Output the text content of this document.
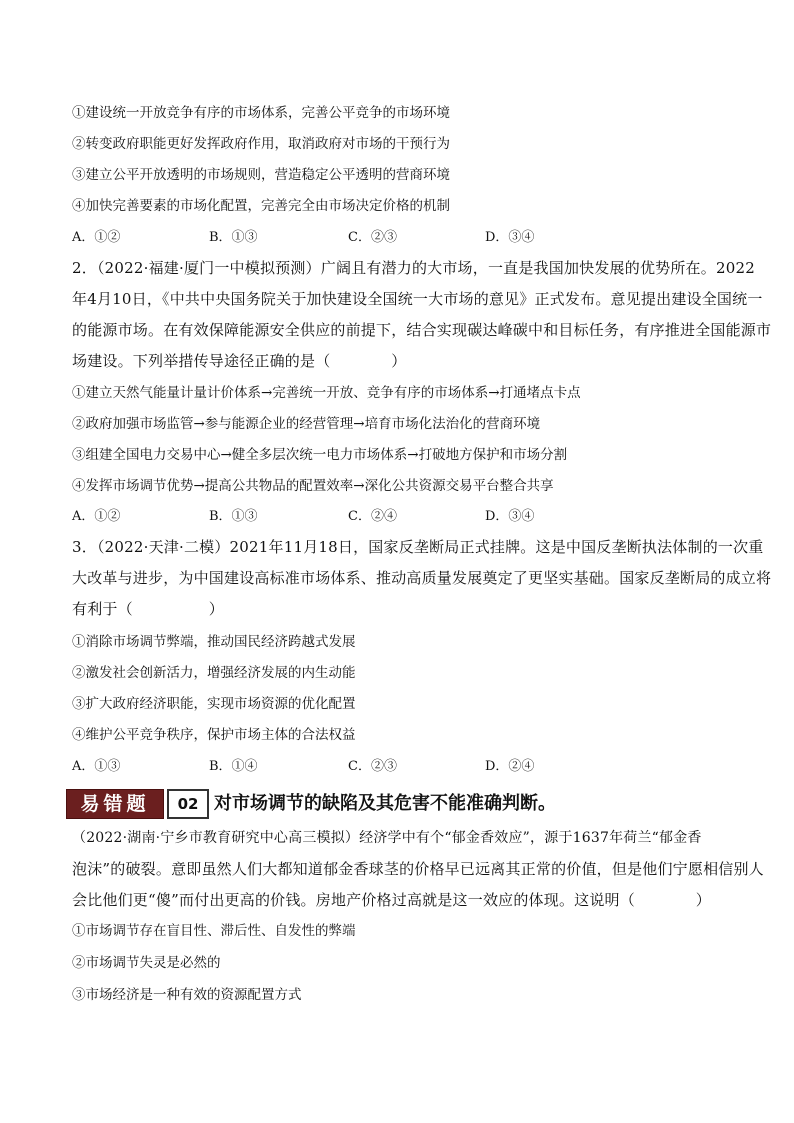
①建设统一开放竞争有序的市场体系，完善公平竞争的市场环境
②转变政府职能更好发挥政府作用，取消政府对市场的干预行为
③建立公平开放透明的市场规则，营造稳定公平透明的营商环境
④加快完善要素的市场化配置，完善完全由市场决定价格的机制
A．①②	B．①③	C．②③	D．③④
2．（2022·福建·厦门一中模拟预测）广阔且有潜力的大市场，一直是我国加快发展的优势所在。2022
年4月10日，《中共中央国务院关于加快建设全国统一大市场的意见》正式发布。意见提出建设全国统一
的能源市场。在有效保障能源安全供应的前提下，结合实现碳达峰碳中和目标任务，有序推进全国能源市
场建设。下列举措传导途径正确的是（　　　　）
①建立天然气能量计量计价体系→完善统一开放、竞争有序的市场体系→打通堵点卡点
②政府加强市场监管→参与能源企业的经营管理→培育市场化法治化的营商环境
③组建全国电力交易中心→健全多层次统一电力市场体系→打破地方保护和市场分割
④发挥市场调节优势→提高公共物品的配置效率→深化公共资源交易平台整合共享
A．①②	B．①③	C．②④	D．③④
3．（2022·天津·二模）2021年11月18日，国家反垄断局正式挂牌。这是中国反垄断执法体制的一次重
大改革与进步，为中国建设高标准市场体系、推动高质量发展奠定了更坚实基础。国家反垄断局的成立将
有利于（　　　　　）
①消除市场调节弊端，推动国民经济跨越式发展
②激发社会创新活力，增强经济发展的内生动能
③扩大政府经济职能，实现市场资源的优化配置
④维护公平竞争秩序，保护市场主体的合法权益
A．①③	B．①④	C．②③	D．②④
易错题	02 对市场调节的缺陷及其危害不能准确判断。
（2022·湖南·宁乡市教育研究中心高三模拟）经济学中有个“郁金香效应”，源于1637年荷兰“郁金香
泡沫”的破裂。意即虽然人们大都知道郁金香球茎的价格早已远离其正常的价值，但是他们宁愿相信别人
①市场调节存在盲目性、滞后性、自发性的弊端
②市场调节失灵是必然的
③市场经济是一种有效的资源配置方式
会比他们更“傻”而付出更高的价钱。房地产价格过高就是这一效应的体现。这说明（　　　　）
